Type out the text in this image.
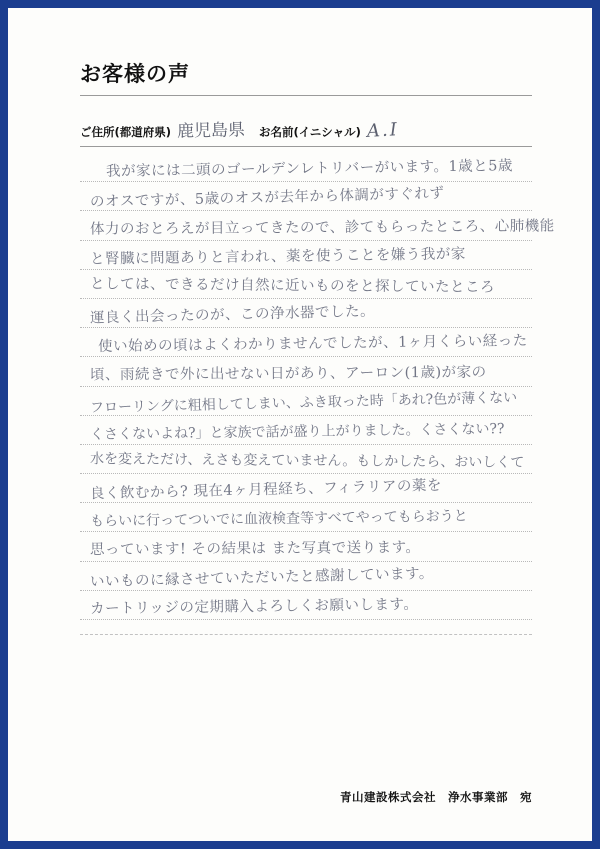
お客様の声
ご住所(都道府県) 鹿児島県	お名前(イニシャル) A.I
我が家には二頭のゴールデンレトリバーがいます。1歳と5歳
のオスですが、5歳のオスが去年から体調がすぐれず
体力のおとろえが目立ってきたので、診てもらったところ、心肺機能
と腎臓に問題ありと言われ、薬を使うことを嫌う我が家
としては、できるだけ自然に近いものをと探していたところ
運良く出会ったのが、この浄水器でした。
使い始めの頃はよくわかりませんでしたが、1ヶ月くらい経った
頃、雨続きで外に出せない日があり、アーロン(1歳)が家の
フローリングに粗相してしまい、ふき取った時「あれ?色が薄くない
くさくないよね?」と家族で話が盛り上がりました。くさくない??
水を変えただけ、えさも変えていません。もしかしたら、おいしくて
良く飲むから? 現在4ヶ月程経ち、フィラリアの薬を
もらいに行ってついでに血液検査等すべてやってもらおうと
思っています! その結果は また写真で送ります。
いいものに縁させていただいたと感謝しています。
カートリッジの定期購入よろしくお願いします。
青山建設株式会社　浄水事業部　宛
